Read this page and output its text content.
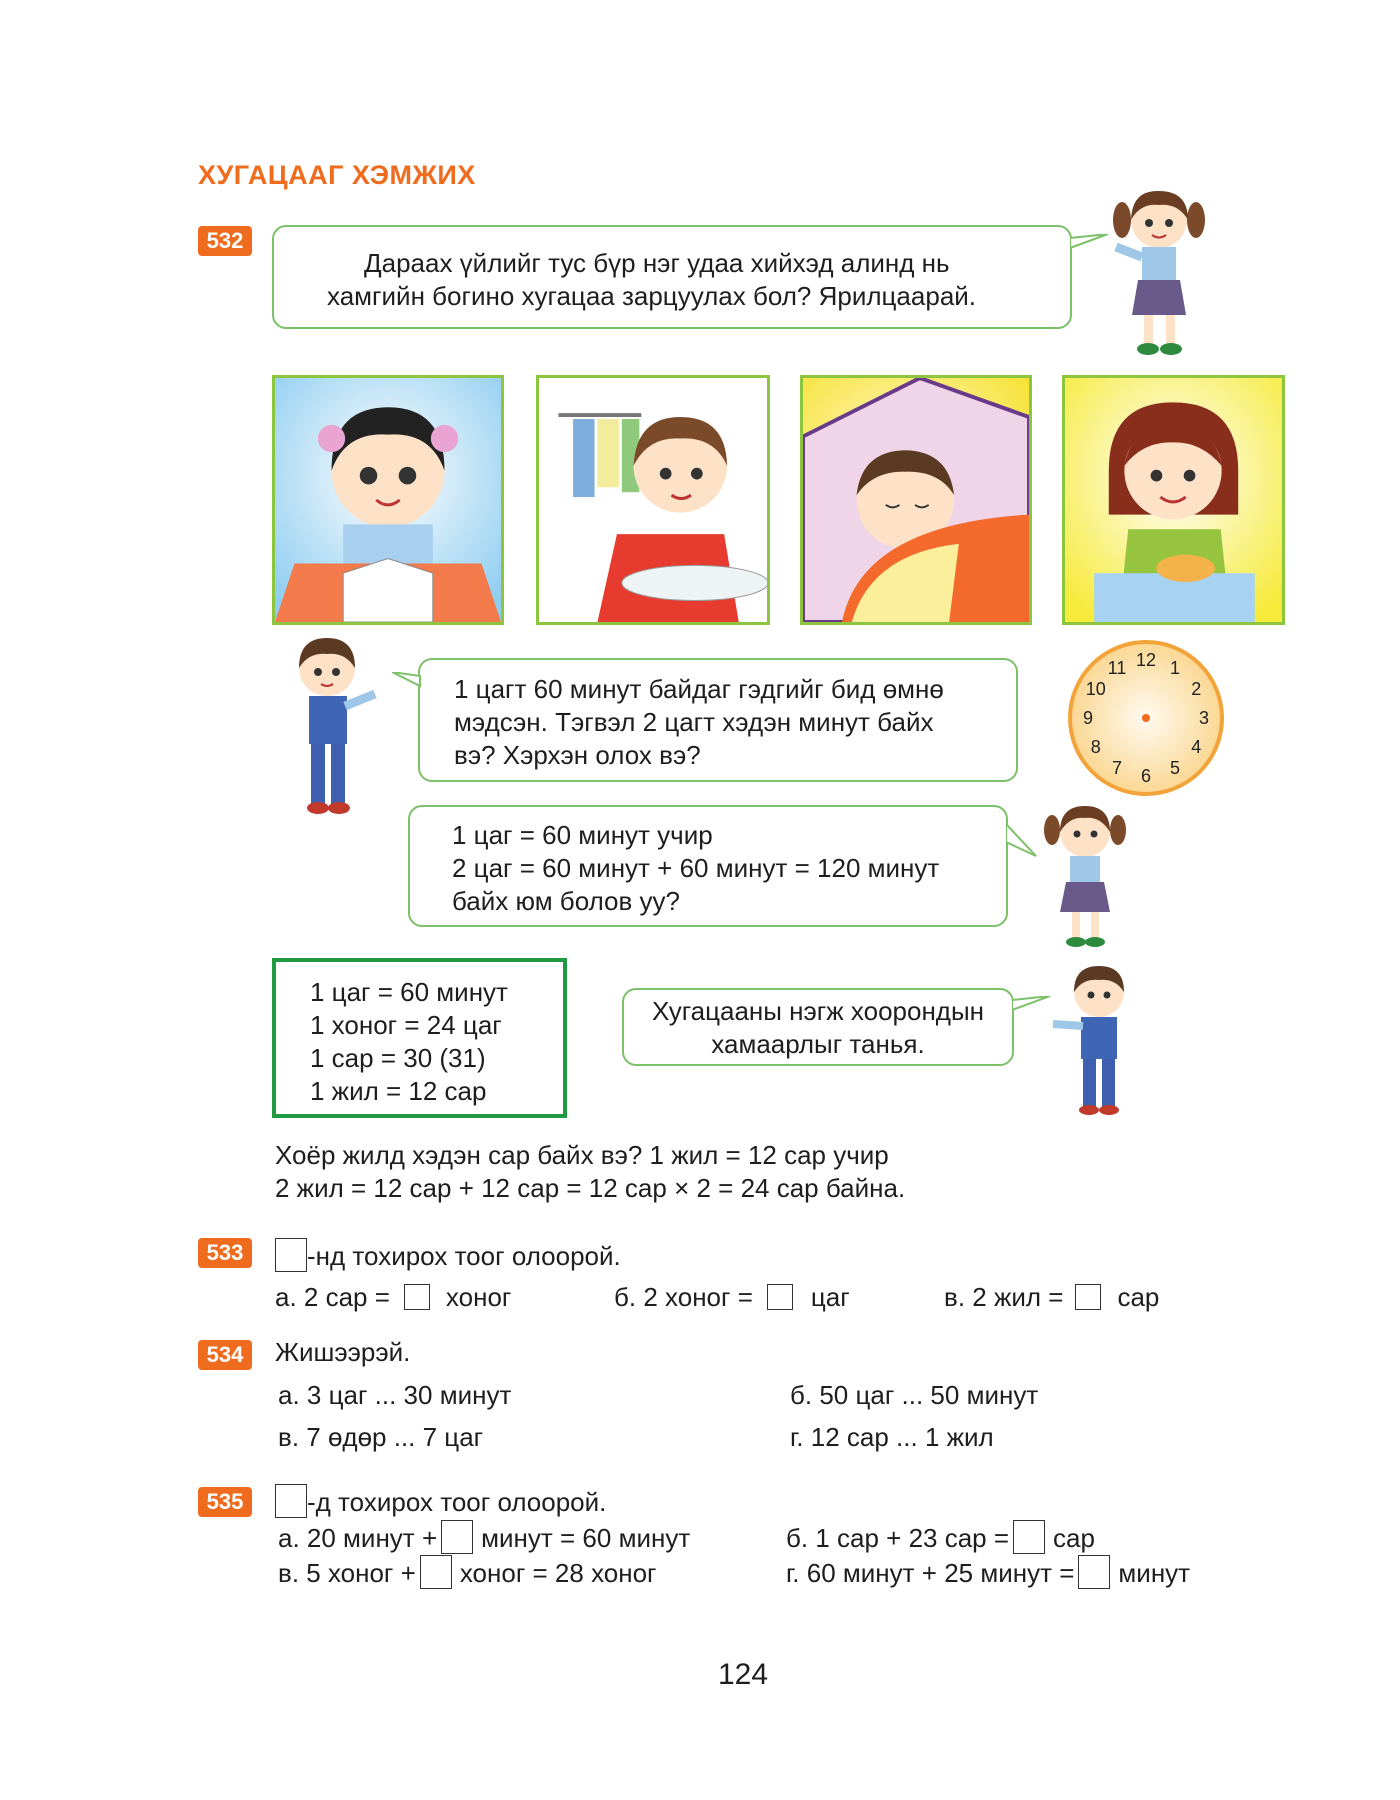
ХУГАЦААГ ХЭМЖИХ
532
Дараах үйлийг тус бүр нэг удаа хийхэд алинд нь
хамгийн богино хугацаа зарцуулах бол? Ярилцаарай.
1 цагт 60 минут байдаг гэдгийг бид өмнө
мэдсэн. Тэгвэл 2 цагт хэдэн минут байх
вэ? Хэрхэн олох вэ?
12 1
2
3
4
5
6
7
8
9
10
11
1 цаг = 60 минут учир
2 цаг = 60 минут + 60 минут = 120 минут
байх юм болов уу?
1 цаг = 60 минут
1 хоног = 24 цаг
1 сар = 30 (31)
1 жил = 12 сар
Хугацааны нэгж хоорондын
хамаарлыг танья.
Хоёр жилд хэдэн сар байх вэ? 1 жил = 12 сар учир
2 жил = 12 сар + 12 сар = 12 сар × 2 = 24 сар байна.
533	-нд тохирох тоог олоорой.
а. 2 сар = хоног	б. 2 хоног = цаг	в. 2 жил = сар
534	Жишээрэй.
а. 3 цаг ... 30 минут	б. 50 цаг ... 50 минут
в. 7 өдөр ... 7 цаг	г. 12 сар ... 1 жил
535	-д тохирох тоог олоорой.
а. 20 минут + минут = 60 минут	б. 1 сар + 23 сар = сар
в. 5 хоног + хоног = 28 хоног	г. 60 минут + 25 минут = минут
124
